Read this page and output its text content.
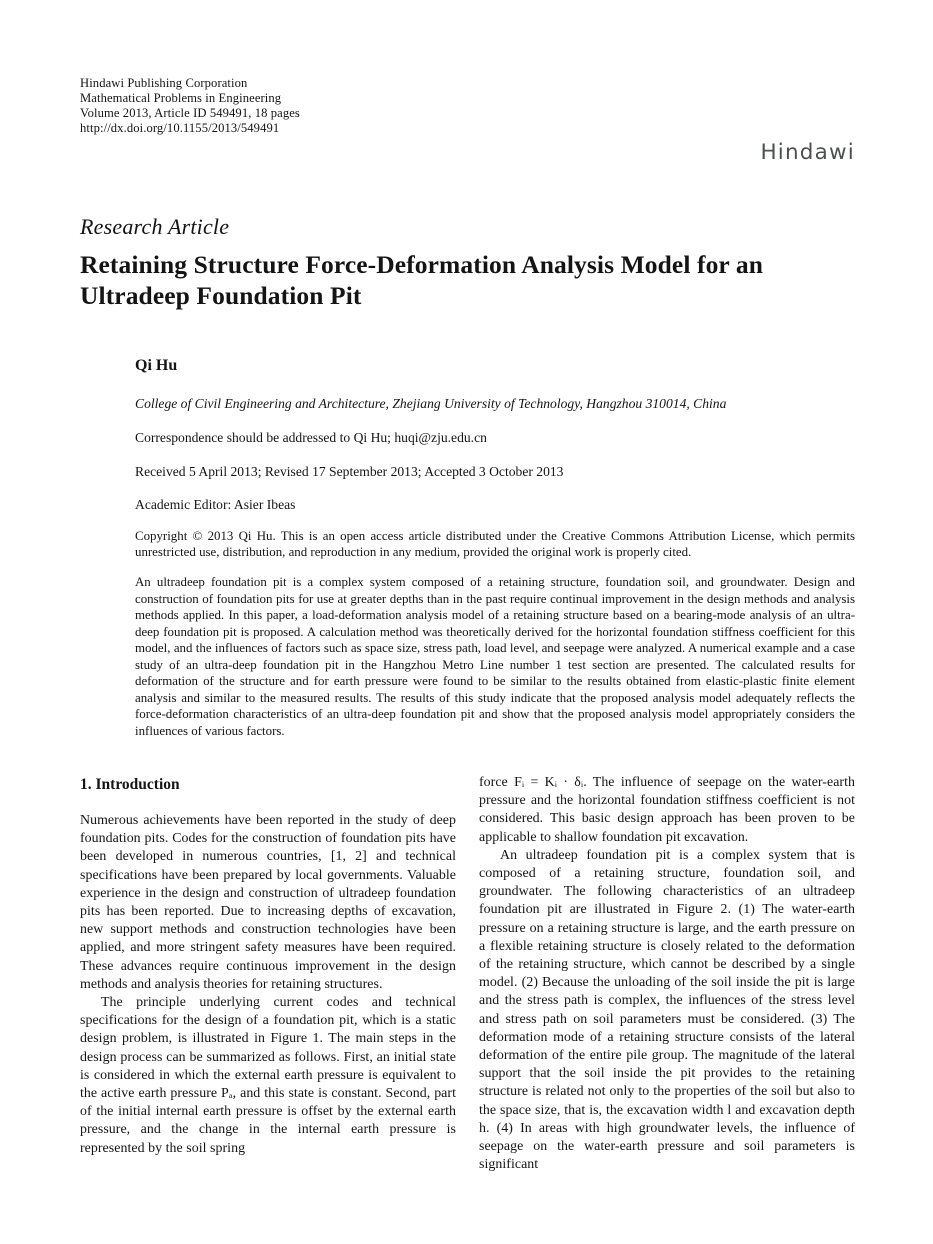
Hindawi Publishing Corporation
Mathematical Problems in Engineering
Volume 2013, Article ID 549491, 18 pages
http://dx.doi.org/10.1155/2013/549491
Hindawi
Research Article
Retaining Structure Force-Deformation Analysis Model for an Ultradeep Foundation Pit
Qi Hu
College of Civil Engineering and Architecture, Zhejiang University of Technology, Hangzhou 310014, China
Correspondence should be addressed to Qi Hu; huqi@zju.edu.cn
Received 5 April 2013; Revised 17 September 2013; Accepted 3 October 2013
Academic Editor: Asier Ibeas
Copyright © 2013 Qi Hu. This is an open access article distributed under the Creative Commons Attribution License, which permits unrestricted use, distribution, and reproduction in any medium, provided the original work is properly cited.
An ultradeep foundation pit is a complex system composed of a retaining structure, foundation soil, and groundwater. Design and construction of foundation pits for use at greater depths than in the past require continual improvement in the design methods and analysis methods applied. In this paper, a load-deformation analysis model of a retaining structure based on a bearing-mode analysis of an ultra-deep foundation pit is proposed. A calculation method was theoretically derived for the horizontal foundation stiffness coefficient for this model, and the influences of factors such as space size, stress path, load level, and seepage were analyzed. A numerical example and a case study of an ultra-deep foundation pit in the Hangzhou Metro Line number 1 test section are presented. The calculated results for deformation of the structure and for earth pressure were found to be similar to the results obtained from elastic-plastic finite element analysis and similar to the measured results. The results of this study indicate that the proposed analysis model adequately reflects the force-deformation characteristics of an ultra-deep foundation pit and show that the proposed analysis model appropriately considers the influences of various factors.
1. Introduction

Numerous achievements have been reported in the study of deep foundation pits. Codes for the construction of foundation pits have been developed in numerous countries, [1, 2] and technical specifications have been prepared by local governments. Valuable experience in the design and construction of ultradeep foundation pits has been reported. Due to increasing depths of excavation, new support methods and construction technologies have been applied, and more stringent safety measures have been required. These advances require continuous improvement in the design methods and analysis theories for retaining structures.

The principle underlying current codes and technical specifications for the design of a foundation pit, which is a static design problem, is illustrated in Figure 1. The main steps in the design process can be summarized as follows. First, an initial state is considered in which the external earth pressure is equivalent to the active earth pressure Pₐ, and this state is constant. Second, part of the initial internal earth pressure is offset by the external earth pressure, and the change in the internal earth pressure is represented by the soil spring

force Fᵢ = Kᵢ · δᵢ. The influence of seepage on the water-earth pressure and the horizontal foundation stiffness coefficient is not considered. This basic design approach has been proven to be applicable to shallow foundation pit excavation.

An ultradeep foundation pit is a complex system that is composed of a retaining structure, foundation soil, and groundwater. The following characteristics of an ultradeep foundation pit are illustrated in Figure 2. (1) The water-earth pressure on a retaining structure is large, and the earth pressure on a flexible retaining structure is closely related to the deformation of the retaining structure, which cannot be described by a single model. (2) Because the unloading of the soil inside the pit is large and the stress path is complex, the influences of the stress level and stress path on soil parameters must be considered. (3) The deformation mode of a retaining structure consists of the lateral deformation of the entire pile group. The magnitude of the lateral support that the soil inside the pit provides to the retaining structure is related not only to the properties of the soil but also to the space size, that is, the excavation width l and excavation depth h. (4) In areas with high groundwater levels, the influence of seepage on the water-earth pressure and soil parameters is significant
